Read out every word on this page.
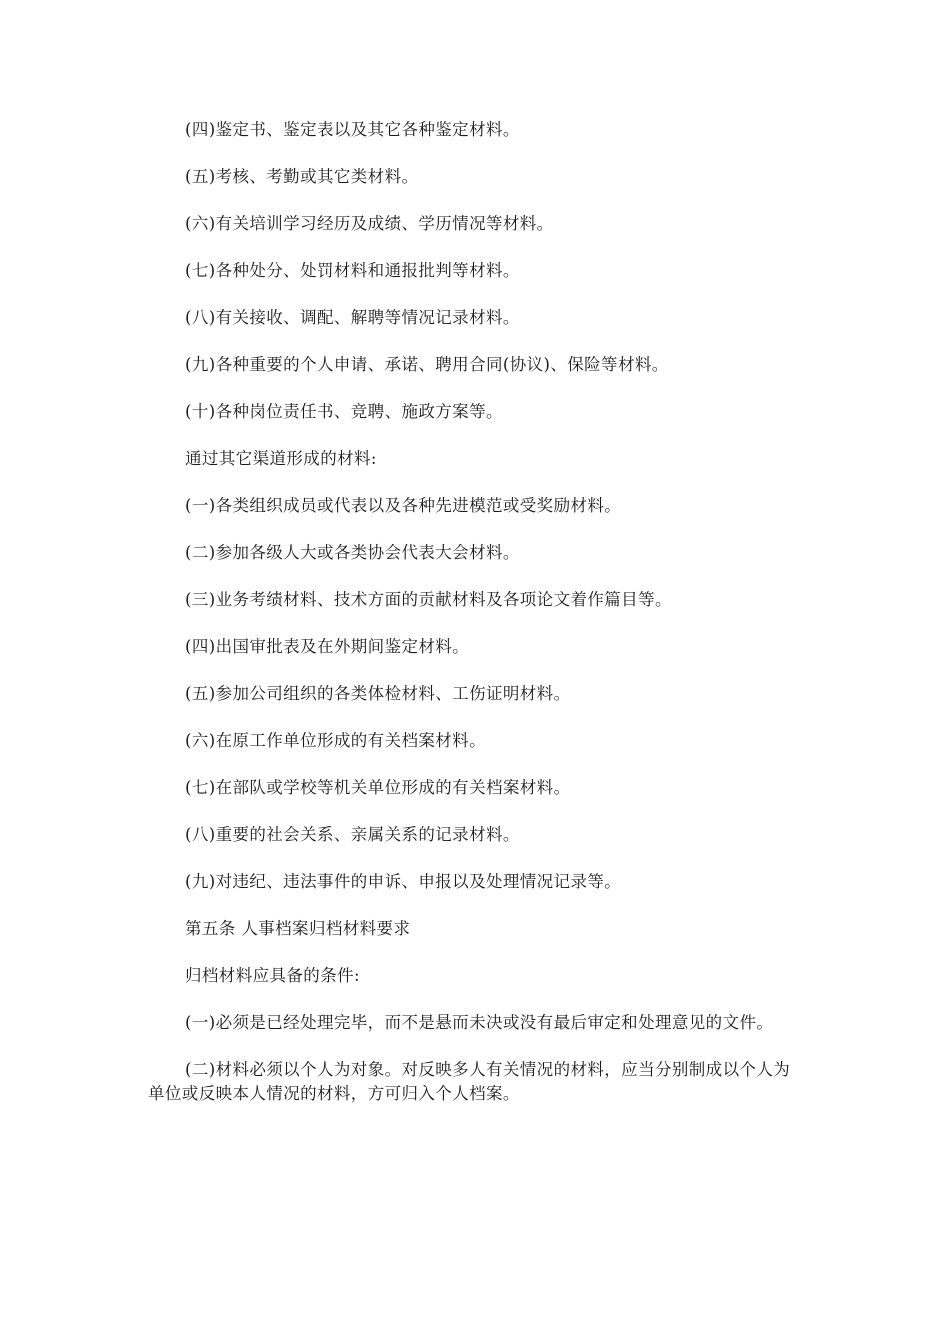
(四)鉴定书、鉴定表以及其它各种鉴定材料。

(五)考核、考勤或其它类材料。

(六)有关培训学习经历及成绩、学历情况等材料。

(七)各种处分、处罚材料和通报批判等材料。

(八)有关接收、调配、解聘等情况记录材料。

(九)各种重要的个人申请、承诺、聘用合同(协议)、保险等材料。

(十)各种岗位责任书、竞聘、施政方案等。

通过其它渠道形成的材料:

(一)各类组织成员或代表以及各种先进模范或受奖励材料。

(二)参加各级人大或各类协会代表大会材料。

(三)业务考绩材料、技术方面的贡献材料及各项论文着作篇目等。

(四)出国审批表及在外期间鉴定材料。

(五)参加公司组织的各类体检材料、工伤证明材料。

(六)在原工作单位形成的有关档案材料。

(七)在部队或学校等机关单位形成的有关档案材料。

(八)重要的社会关系、亲属关系的记录材料。

(九)对违纪、违法事件的申诉、申报以及处理情况记录等。

第五条 人事档案归档材料要求

归档材料应具备的条件:

(一)必须是已经处理完毕，而不是悬而未决或没有最后审定和处理意见的文件。

(二)材料必须以个人为对象。对反映多人有关情况的材料，应当分别制成以个人为单位或反映本人情况的材料，方可归入个人档案。
